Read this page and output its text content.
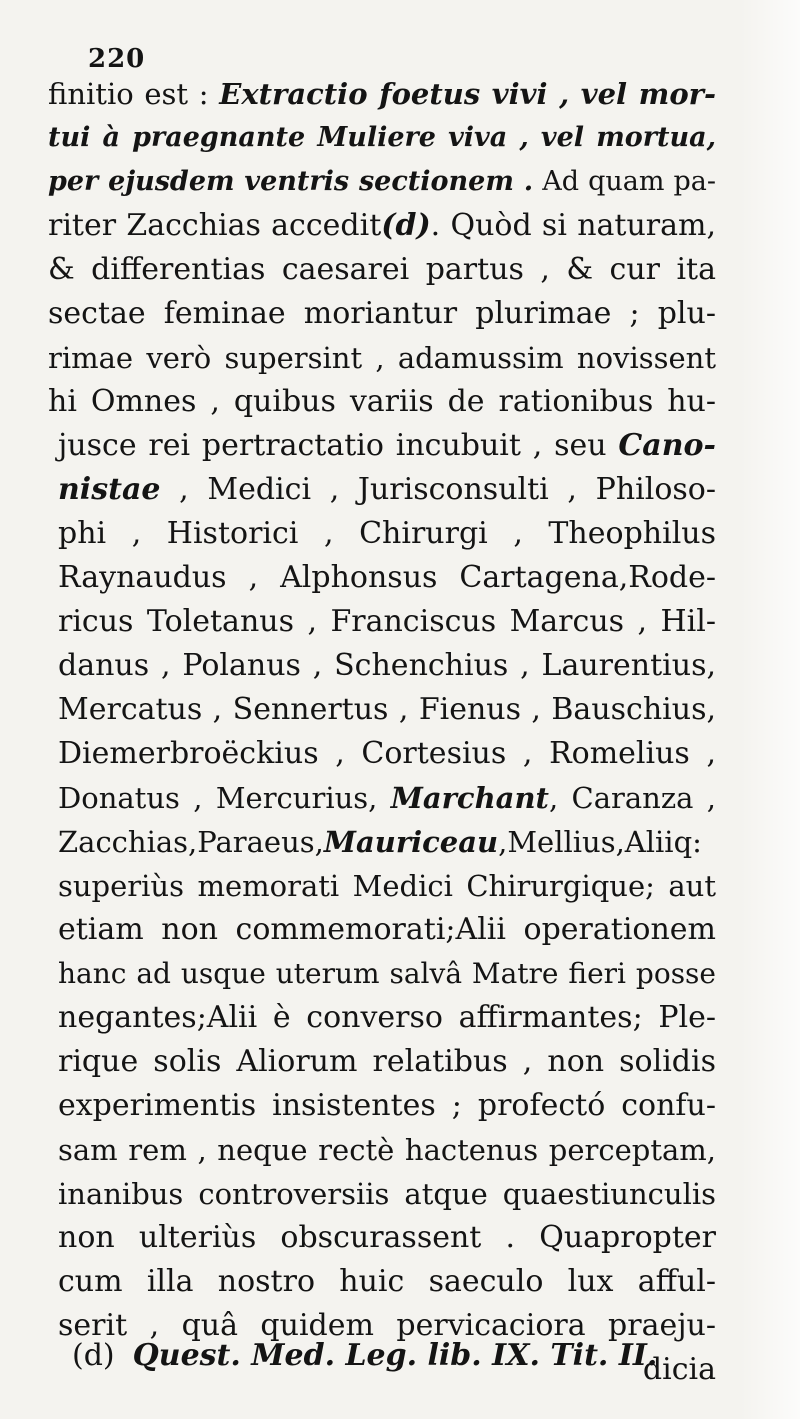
220
finitio est : Extractio foetus vivi , vel mor-
tui à praegnante Muliere viva , vel mortua,
per ejusdem ventris sectionem . Ad quam pa-
riter Zacchias accedit(d). Quòd si naturam,
& differentias caesarei partus , & cur ita
sectae feminae moriantur plurimae ; plu-
rimae verò supersint , adamussim novissent
hi Omnes , quibus variis de rationibus hu-
jusce rei pertractatio incubuit , seu Cano-
nistae , Medici , Jurisconsulti , Philoso-
phi , Historici , Chirurgi , Theophilus
Raynaudus , Alphonsus Cartagena,Rode-
ricus Toletanus , Franciscus Marcus , Hil-
danus , Polanus , Schenchius , Laurentius,
Mercatus , Sennertus , Fienus , Bauschius,
Diemerbroëckius , Cortesius , Romelius ,
Donatus , Mercurius, Marchant, Caranza ,
Zacchias,Paraeus,Mauriceau,Mellius,Aliiq:
superiùs memorati Medici Chirurgique; aut
etiam non commemorati;Alii operationem
hanc ad usque uterum salvâ Matre fieri posse
negantes;Alii è converso affirmantes; Ple-
rique solis Aliorum relatibus , non solidis
experimentis insistentes ; profectó confu-
sam rem , neque rectè hactenus perceptam,
inanibus controversiis atque quaestiunculis
non ulteriùs obscurassent . Quapropter
cum illa nostro huic saeculo lux afful-
serit , quâ quidem pervicaciora praeju-
dicia
(d) Quest. Med. Leg. lib. IX. Tit. II.
